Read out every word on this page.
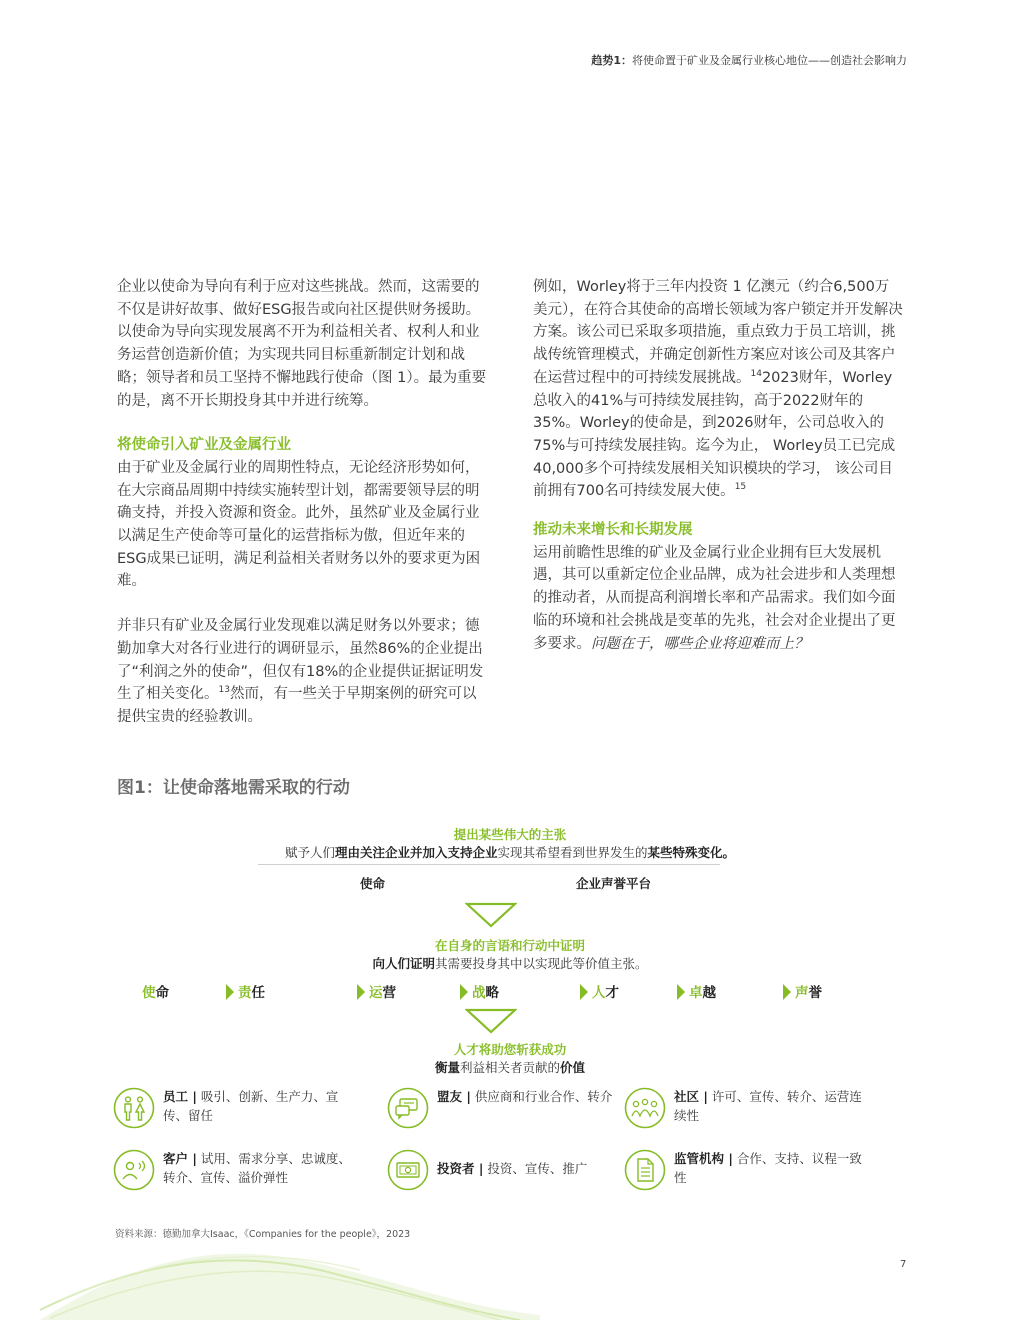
趋势1：将使命置于矿业及金属行业核心地位——创造社会影响力

企业以使命为导向有利于应对这些挑战。然而，这需要的不仅是讲好故事、做好ESG报告或向社区提供财务援助。以使命为导向实现发展离不开为利益相关者、权利人和业务运营创造新价值；为实现共同目标重新制定计划和战略；领导者和员工坚持不懈地践行使命（图 1）。最为重要的是，离不开长期投身其中并进行统筹。

将使命引入矿业及金属行业

由于矿业及金属行业的周期性特点，无论经济形势如何，在大宗商品周期中持续实施转型计划，都需要领导层的明确支持，并投入资源和资金。此外，虽然矿业及金属行业以满足生产使命等可量化的运营指标为傲，但近年来的ESG成果已证明，满足利益相关者财务以外的要求更为困难。

并非只有矿业及金属行业发现难以满足财务以外要求；德勤加拿大对各行业进行的调研显示，虽然86%的企业提出了“利润之外的使命”，但仅有18%的企业提供证据证明发生了相关变化。$^{13}$然而，有一些关于早期案例的研究可以提供宝贵的经验教训。

例如，Worley将于三年内投资 1 亿澳元（约合6,500万美元），在符合其使命的高增长领域为客户锁定并开发解决方案。该公司已采取多项措施，重点致力于员工培训，挑战传统管理模式，并确定创新性方案应对该公司及其客户在运营过程中的可持续发展挑战。$^{14}$2023财年，Worley总收入的41%与可持续发展挂钩，高于2022财年的35%。Worley的使命是，到2026财年，公司总收入的75%与可持续发展挂钩。迄今为止， Worley员工已完成40,000多个可持续发展相关知识模块的学习， 该公司目前拥有700名可持续发展大使。$^{15}$

推动未来增长和长期发展

运用前瞻性思维的矿业及金属行业企业拥有巨大发展机遇，其可以重新定位企业品牌，成为社会进步和人类理想的推动者，从而提高利润增长率和产品需求。我们如今面临的环境和社会挑战是变革的先兆，社会对企业提出了更多要求。问题在于，哪些企业将迎难而上？

图1：让使命落地需采取的行动
提出某些伟大的主张
赋予人们理由关注企业并加入支持企业实现其希望看到世界发生的某些特殊变化。
使命	企业声誉平台
在自身的言语和行动中证明
向人们证明其需要投身其中以实现此等价值主张。
使命	责任	运营	战略	人才	卓越	声誉
人才将助您斩获成功
衡量利益相关者贡献的价值
员工 | 吸引、创新、生产力、宣传、留任
盟友 | 供应商和行业合作、转介	社区 | 许可、宣传、转介、运营连续性
客户 | 试用、需求分享、忠诚度、转介、宣传、溢价弹性
投资者 | 投资、宣传、推广
监管机构 | 合作、支持、议程一致性
资料来源：德勤加拿大Isaac，《Companies for the people》，2023
7
